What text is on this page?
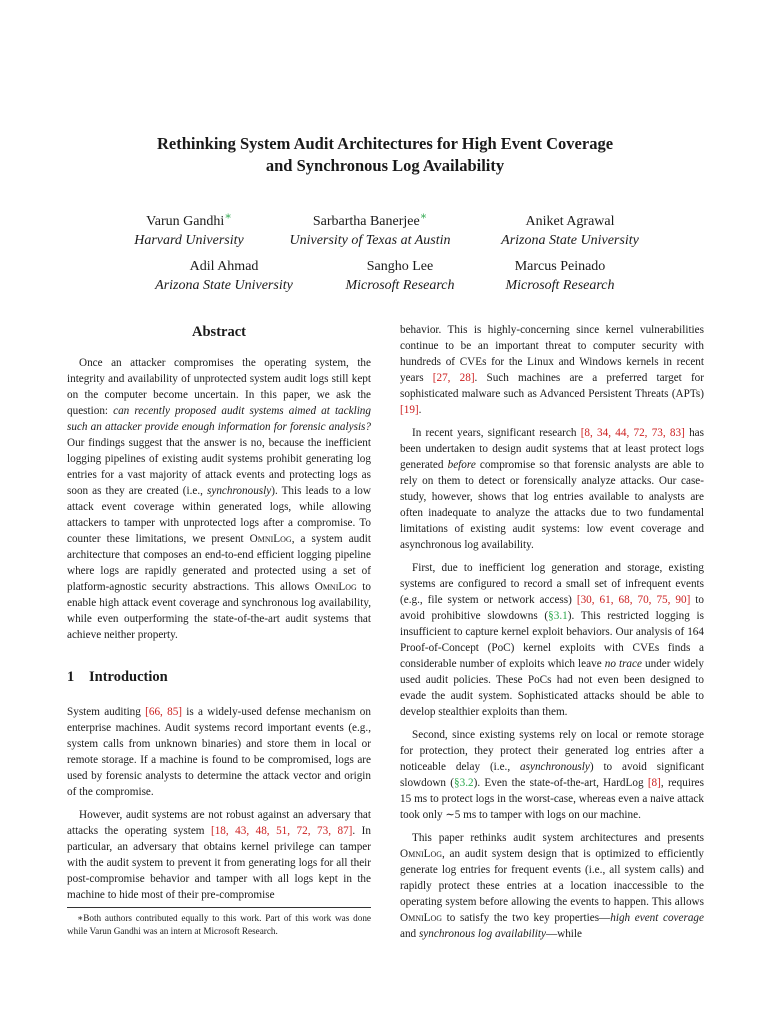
Rethinking System Audit Architectures for High Event Coverage
and Synchronous Log Availability
Varun Gandhi∗
Harvard University
Sarbartha Banerjee∗
University of Texas at Austin
Aniket Agrawal
Arizona State University
Adil Ahmad
Arizona State University
Sangho Lee
Microsoft Research
Marcus Peinado
Microsoft Research
Abstract

Once an attacker compromises the operating system, the integrity and availability of unprotected system audit logs still kept on the computer become uncertain. In this paper, we ask the question: can recently proposed audit systems aimed at tackling such an attacker provide enough information for forensic analysis? Our findings suggest that the answer is no, because the inefficient logging pipelines of existing audit systems prohibit generating log entries for a vast majority of attack events and protecting logs as soon as they are created (i.e., synchronously). This leads to a low attack event coverage within generated logs, while allowing attackers to tamper with unprotected logs after a compromise. To counter these limitations, we present OmniLog, a system audit architecture that composes an end-to-end efficient logging pipeline where logs are rapidly generated and protected using a set of platform-agnostic security abstractions. This allows OmniLog to enable high attack event coverage and synchronous log availability, while even outperforming the state-of-the-art audit systems that achieve neither property.

1 Introduction

System auditing [66, 85] is a widely-used defense mechanism on enterprise machines. Audit systems record important events (e.g., system calls from unknown binaries) and store them in local or remote storage. If a machine is found to be compromised, logs are used by forensic analysts to determine the attack vector and origin of the compromise.

However, audit systems are not robust against an adversary that attacks the operating system [18, 43, 48, 51, 72, 73, 87]. In particular, an adversary that obtains kernel privilege can tamper with the audit system to prevent it from generating logs for all their post-compromise behavior and tamper with all logs kept in the machine to hide most of their pre-compromise

∗Both authors contributed equally to this work. Part of this work was done while Varun Gandhi was an intern at Microsoft Research.

behavior. This is highly-concerning since kernel vulnerabilities continue to be an important threat to computer security with hundreds of CVEs for the Linux and Windows kernels in recent years [27, 28]. Such machines are a preferred target for sophisticated malware such as Advanced Persistent Threats (APTs) [19].

In recent years, significant research [8, 34, 44, 72, 73, 83] has been undertaken to design audit systems that at least protect logs generated before compromise so that forensic analysts are able to rely on them to detect or forensically analyze attacks. Our case-study, however, shows that log entries available to analysts are often inadequate to analyze the attacks due to two fundamental limitations of existing audit systems: low event coverage and asynchronous log availability.

First, due to inefficient log generation and storage, existing systems are configured to record a small set of infrequent events (e.g., file system or network access) [30, 61, 68, 70, 75, 90] to avoid prohibitive slowdowns (§3.1). This restricted logging is insufficient to capture kernel exploit behaviors. Our analysis of 164 Proof-of-Concept (PoC) kernel exploits with CVEs finds a considerable number of exploits which leave no trace under widely used audit policies. These PoCs had not even been designed to evade the audit system. Sophisticated attacks should be able to develop stealthier exploits than them.

Second, since existing systems rely on local or remote storage for protection, they protect their generated log entries after a noticeable delay (i.e., asynchronously) to avoid significant slowdown (§3.2). Even the state-of-the-art, HardLog [8], requires 15 ms to protect logs in the worst-case, whereas even a naive attack took only ∼5 ms to tamper with logs on our machine.

This paper rethinks audit system architectures and presents OmniLog, an audit system design that is optimized to efficiently generate log entries for frequent events (i.e., all system calls) and rapidly protect these entries at a location inaccessible to the operating system before allowing the events to happen. This allows OmniLog to satisfy the two key properties—high event coverage and synchronous log availability—while
